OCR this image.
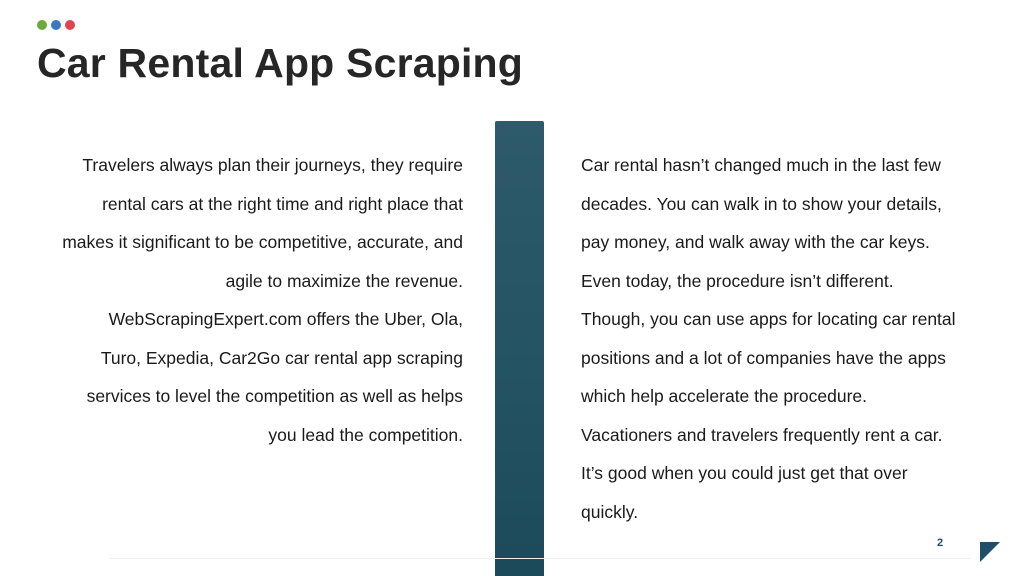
Car Rental App Scraping
Travelers always plan their journeys, they require
rental cars at the right time and right place that
makes it significant to be competitive, accurate, and
agile to maximize the revenue.
WebScrapingExpert.com offers the Uber, Ola,
Turo, Expedia, Car2Go car rental app scraping
services to level the competition as well as helps
you lead the competition.
Car rental hasn’t changed much in the last few
decades. You can walk in to show your details,
pay money, and walk away with the car keys.
Even today, the procedure isn’t different.
Though, you can use apps for locating car rental
positions and a lot of companies have the apps
which help accelerate the procedure.
Vacationers and travelers frequently rent a car.
It’s good when you could just get that over
quickly.
2
